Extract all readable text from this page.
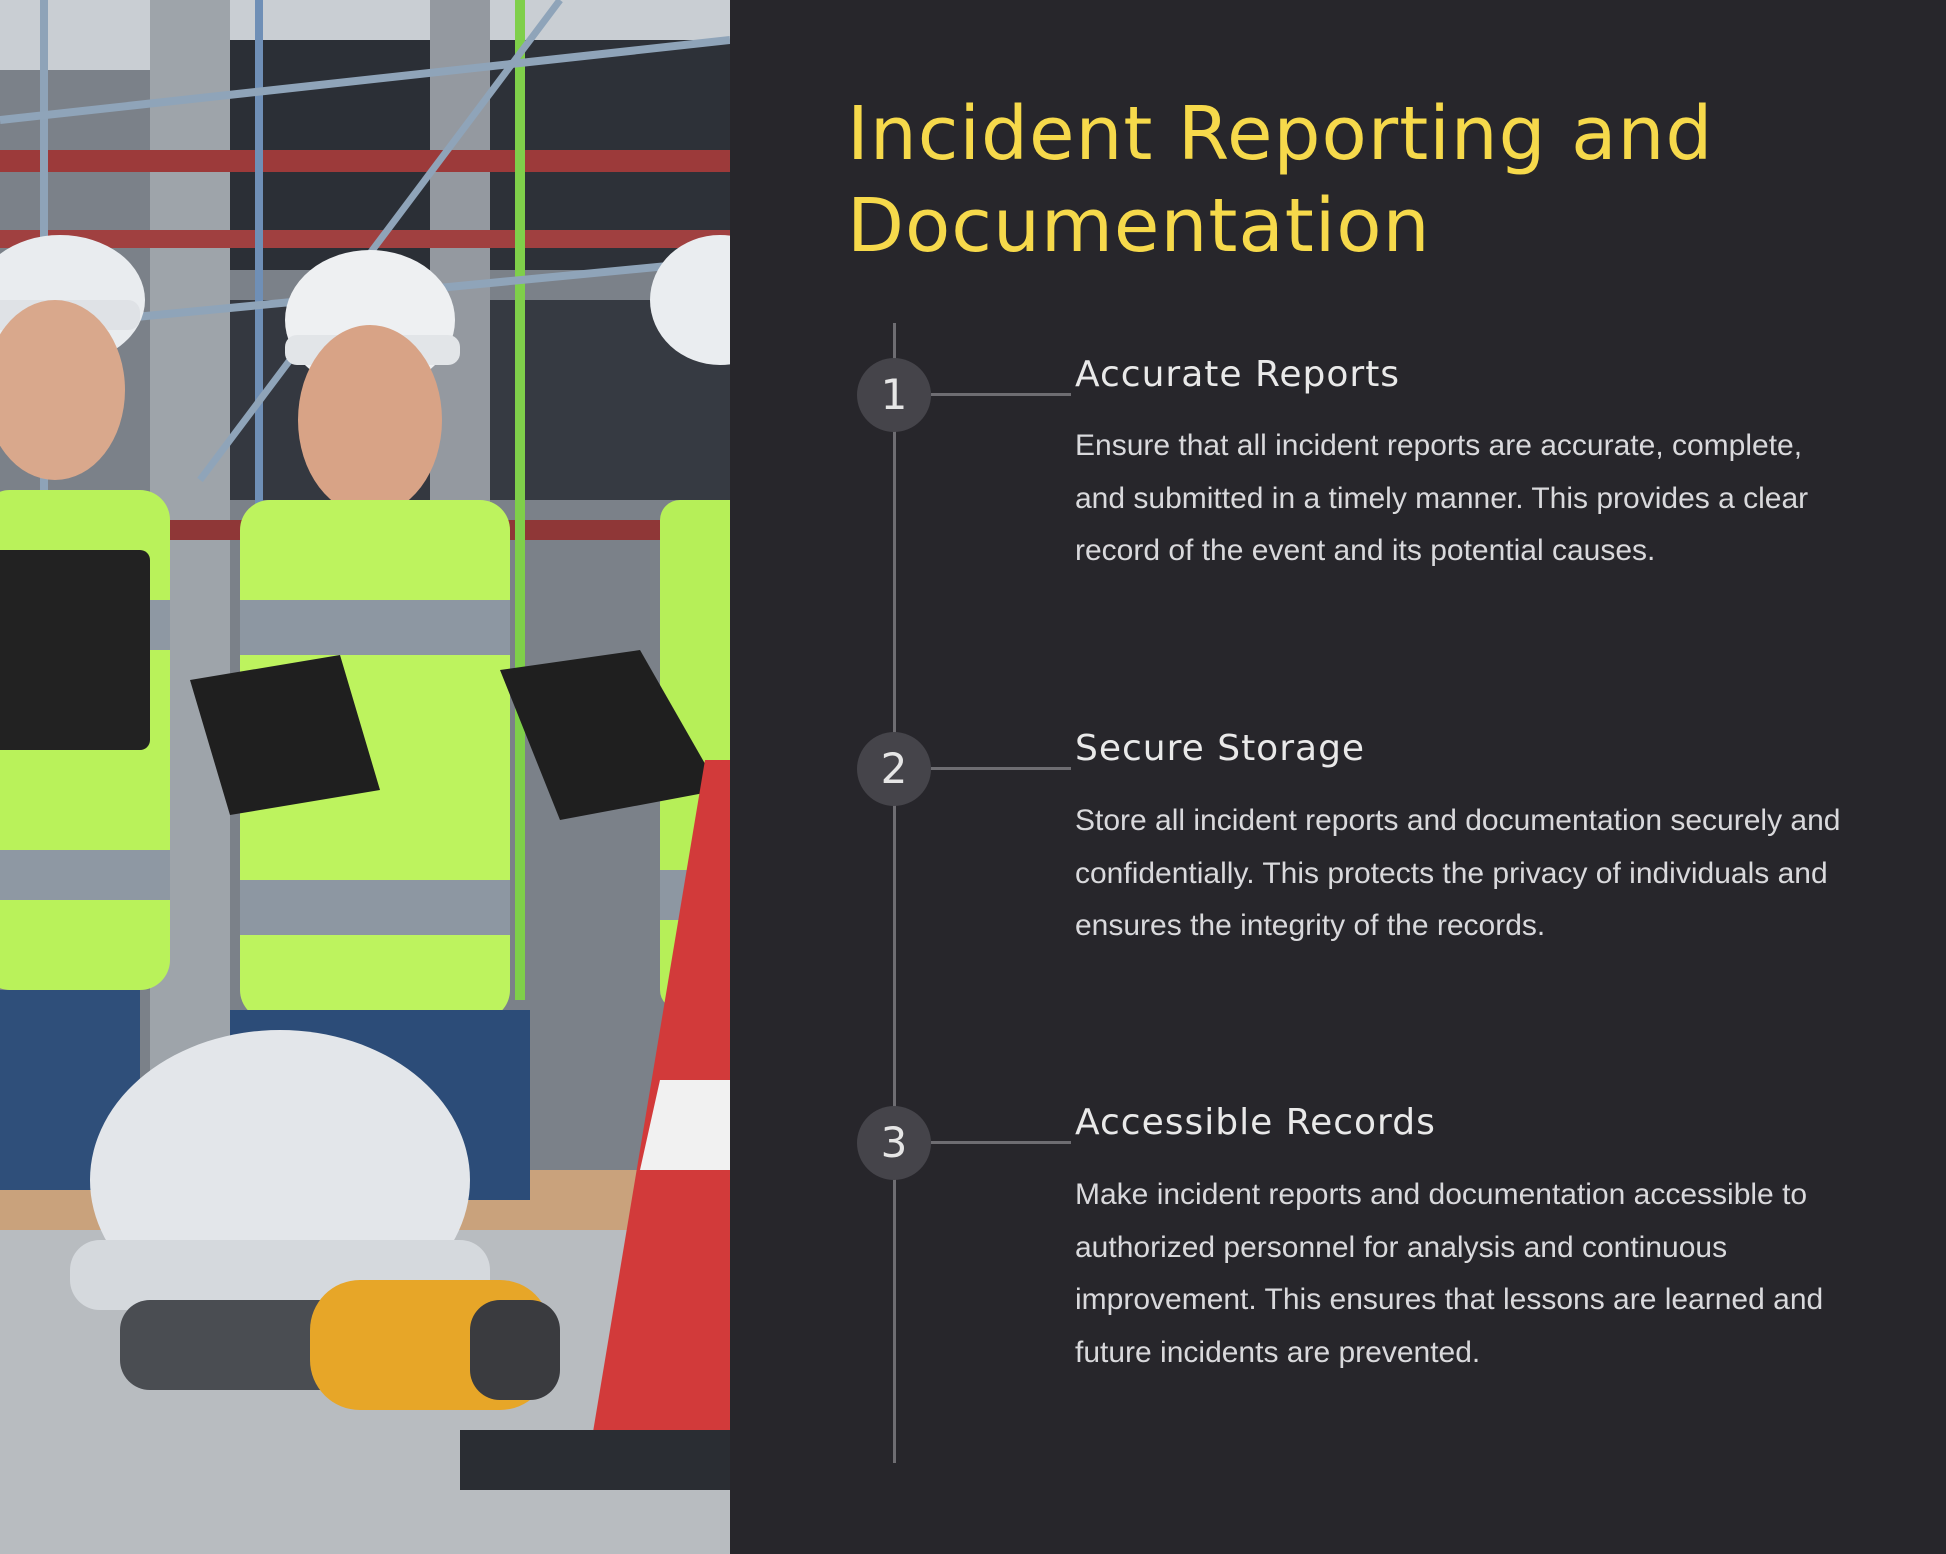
Incident Reporting and Documentation
1	Accurate Reports

Ensure that all incident reports are accurate, complete, and submitted in a timely manner. This provides a clear record of the event and its potential causes.

2	Secure Storage

Store all incident reports and documentation securely and confidentially. This protects the privacy of individuals and ensures the integrity of the records.

3	Accessible Records

Make incident reports and documentation accessible to authorized personnel for analysis and continuous improvement. This ensures that lessons are learned and future incidents are prevented.
